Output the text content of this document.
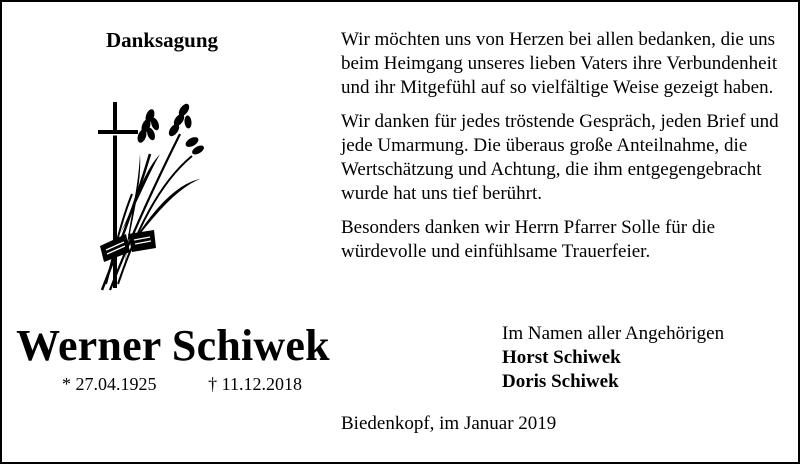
Danksagung
Werner Schiwek
* 27.04.1925	† 11.12.2018

Wir möchten uns von Herzen bei allen bedanken, die uns beim Heimgang unseres lieben Vaters ihre Verbundenheit und ihr Mitgefühl auf so vielfältige Weise gezeigt haben.

Wir danken für jedes tröstende Gespräch, jeden Brief und jede Umarmung. Die überaus große Anteilnahme, die Wertschätzung und Achtung, die ihm entgegengebracht wurde hat uns tief berührt.

Besonders danken wir Herrn Pfarrer Solle für die würdevolle und einfühlsame Trauerfeier.

Im Namen aller Angehörigen
Horst Schiwek
Doris Schiwek
Biedenkopf, im Januar 2019
